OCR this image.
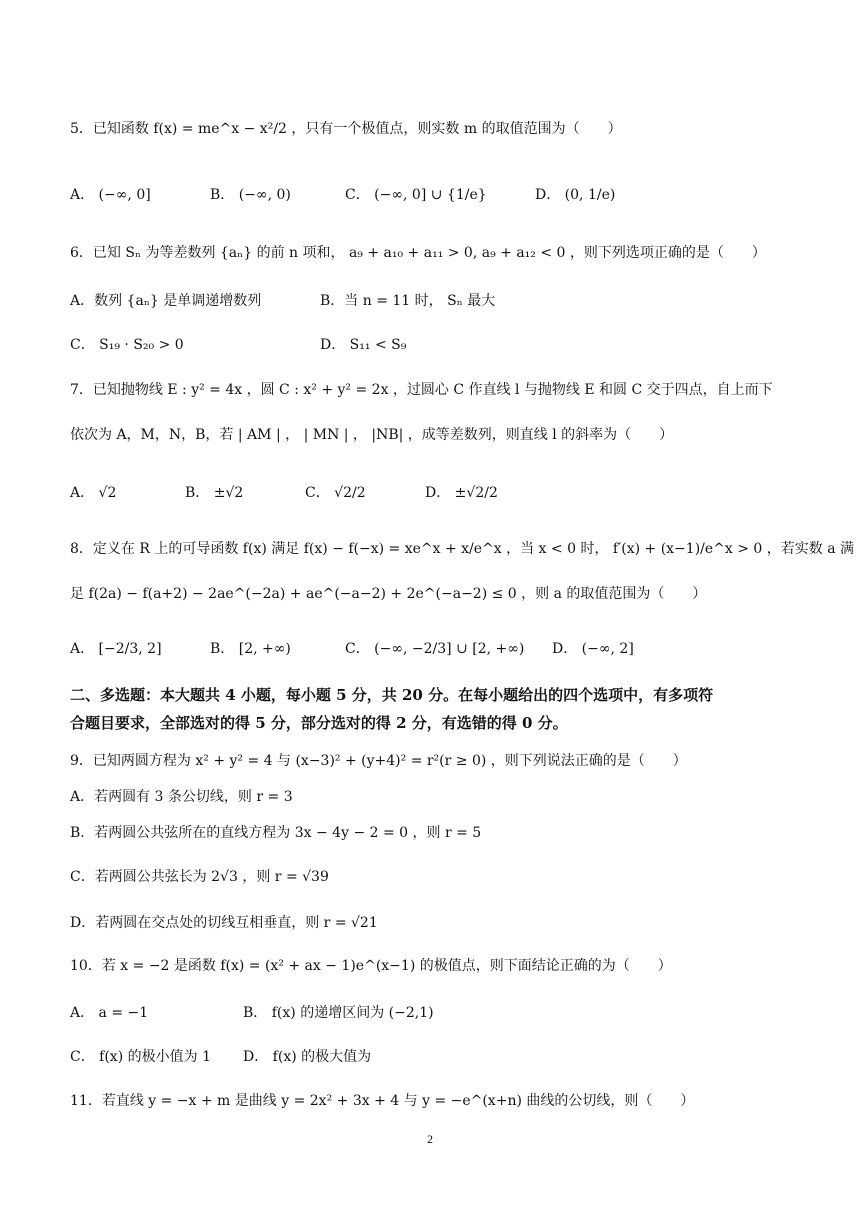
5．已知函数 f(x) = me^x − x²/2 ，只有一个极值点，则实数 m 的取值范围为（　　）
A． (−∞, 0]	B． (−∞, 0)	C． (−∞, 0] ∪ {1/e}	D． (0, 1/e)
6．已知 Sₙ 为等差数列 {aₙ} 的前 n 项和， a₉ + a₁₀ + a₁₁ > 0, a₉ + a₁₂ < 0 ，则下列选项正确的是（　　）
A．数列 {aₙ} 是单调递增数列	B．当 n = 11 时， Sₙ 最大
C． S₁₉ · S₂₀ > 0	D． S₁₁ < S₉
7．已知抛物线 E : y² = 4x ，圆 C : x² + y² = 2x ，过圆心 C 作直线 l 与抛物线 E 和圆 C 交于四点，自上而下
依次为 A，M，N，B，若 | AM | ， | MN | ， |NB| ，成等差数列，则直线 l 的斜率为（　　）
A． √2	B． ±√2	C． √2/2	D． ±√2/2
8．定义在 R 上的可导函数 f(x) 满足 f(x) − f(−x) = xe^x + x/e^x ，当 x < 0 时， f′(x) + (x−1)/e^x > 0 ，若实数 a 满
足 f(2a) − f(a+2) − 2ae^(−2a) + ae^(−a−2) + 2e^(−a−2) ≤ 0 ，则 a 的取值范围为（　　）
A． [−2/3, 2]	B． [2, +∞)	C． (−∞, −2/3] ∪ [2, +∞) D． (−∞, 2]
二、多选题：本大题共 4 小题，每小题 5 分，共 20 分。在每小题给出的四个选项中，有多项符
合题目要求，全部选对的得 5 分，部分选对的得 2 分，有选错的得 0 分。
9．已知两圆方程为 x² + y² = 4 与 (x−3)² + (y+4)² = r²(r ≥ 0) ，则下列说法正确的是（　　）
A．若两圆有 3 条公切线，则 r = 3
B．若两圆公共弦所在的直线方程为 3x − 4y − 2 = 0 ，则 r = 5
C．若两圆公共弦长为 2√3 ，则 r = √39
D．若两圆在交点处的切线互相垂直，则 r = √21
10．若 x = −2 是函数 f(x) = (x² + ax − 1)e^(x−1) 的极值点，则下面结论正确的为（　　）
A． a = −1	B． f(x) 的递增区间为 (−2,1)
C． f(x) 的极小值为 1 D． f(x) 的极大值为
11．若直线 y = −x + m 是曲线 y = 2x² + 3x + 4 与 y = −e^(x+n) 曲线的公切线，则（　　）
2
